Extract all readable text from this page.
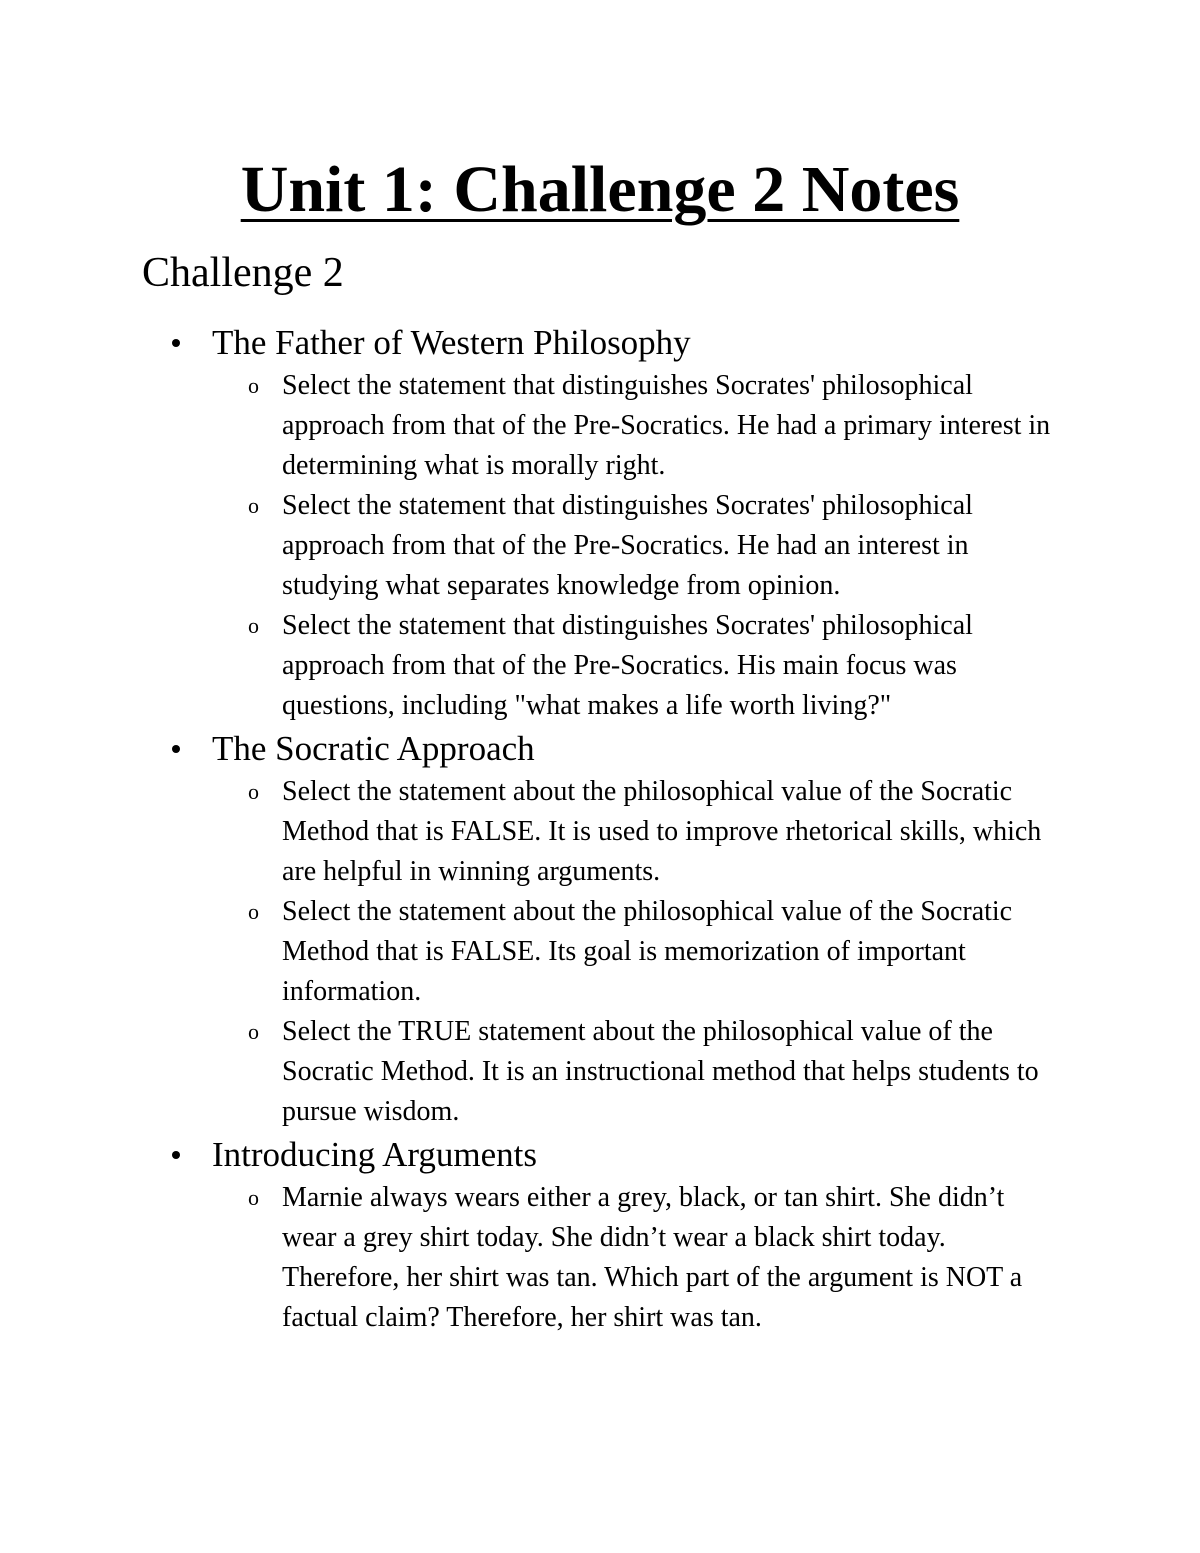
Unit 1: Challenge 2 Notes
Challenge 2
The Father of Western Philosophy
o Select the statement that distinguishes Socrates' philosophical approach from that of the Pre-Socratics. He had a primary interest in determining what is morally right.
o Select the statement that distinguishes Socrates' philosophical approach from that of the Pre-Socratics. He had an interest in studying what separates knowledge from opinion.
o Select the statement that distinguishes Socrates' philosophical approach from that of the Pre-Socratics. His main focus was questions, including "what makes a life worth living?"
The Socratic Approach
o Select the statement about the philosophical value of the Socratic Method that is FALSE. It is used to improve rhetorical skills, which are helpful in winning arguments.
o Select the statement about the philosophical value of the Socratic Method that is FALSE. Its goal is memorization of important information.
o Select the TRUE statement about the philosophical value of the Socratic Method. It is an instructional method that helps students to pursue wisdom.
Introducing Arguments
o Marnie always wears either a grey, black, or tan shirt. She didn’t wear a grey shirt today. She didn’t wear a black shirt today. Therefore, her shirt was tan. Which part of the argument is NOT a factual claim? Therefore, her shirt was tan.
